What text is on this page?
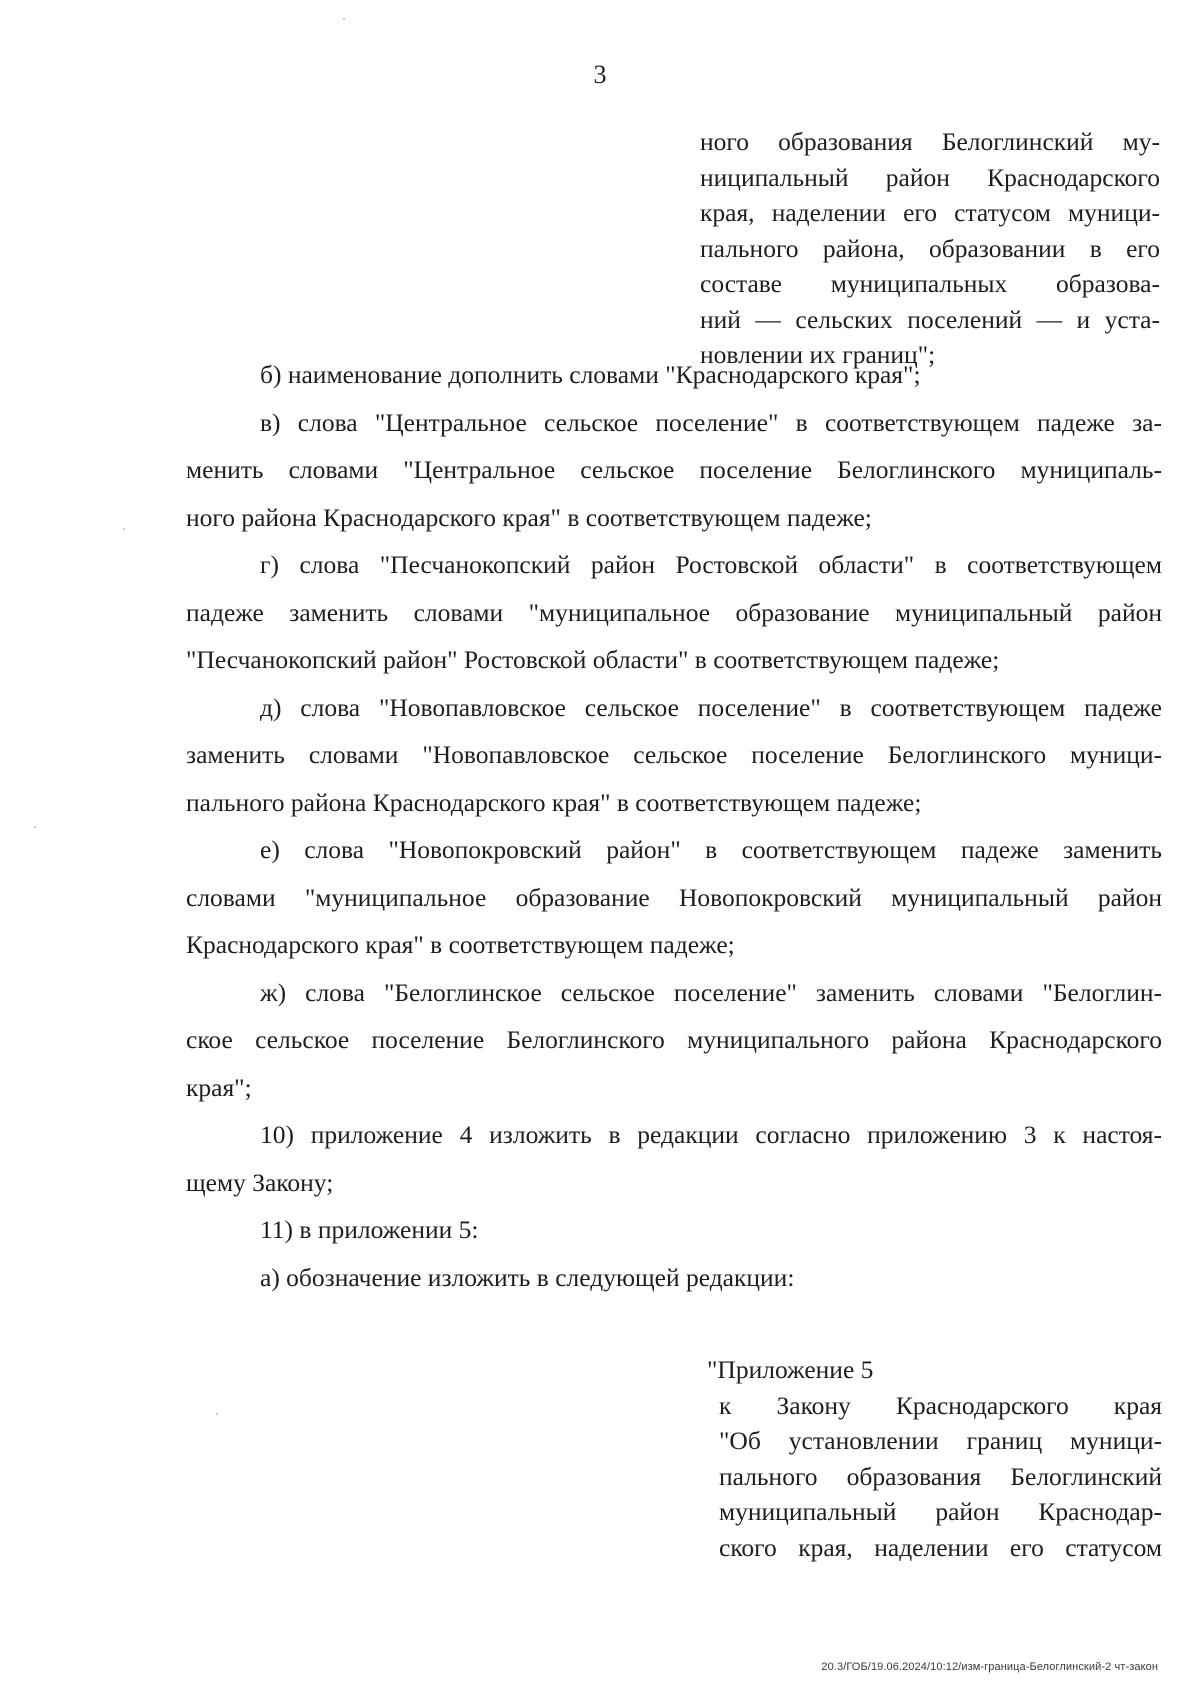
3
ного образования Белоглинский му-
ниципальный район Краснодарского
края, наделении его статусом муници-
пального района, образовании в его
составе муниципальных образова-
ний — сельских поселений — и уста-
новлении их границ";
б) наименование дополнить словами "Краснодарского края";
в) слова "Центральное сельское поселение" в соответствующем падеже за-
менить словами "Центральное сельское поселение Белоглинского муниципаль-
ного района Краснодарского края" в соответствующем падеже;
г) слова "Песчанокопский район Ростовской области" в соответствующем
падеже заменить словами "муниципальное образование муниципальный район
"Песчанокопский район" Ростовской области" в соответствующем падеже;
д) слова "Новопавловское сельское поселение" в соответствующем падеже
заменить словами "Новопавловское сельское поселение Белоглинского муници-
пального района Краснодарского края" в соответствующем падеже;
е) слова "Новопокровский район" в соответствующем падеже заменить
словами "муниципальное образование Новопокровский муниципальный район
Краснодарского края" в соответствующем падеже;
ж) слова "Белоглинское сельское поселение" заменить словами "Белоглин-
ское сельское поселение Белоглинского муниципального района Краснодарского
края";
10) приложение 4 изложить в редакции согласно приложению 3 к настоя-
щему Закону;
11) в приложении 5:
а) обозначение изложить в следующей редакции:
"Приложение 5
к Закону Краснодарского края
"Об установлении границ муници-
пального образования Белоглинский
муниципальный район Краснодар-
ского края, наделении его статусом
20.3/ГОБ/19.06.2024/10:12/изм-граница-Белоглинский-2 чт-закон
